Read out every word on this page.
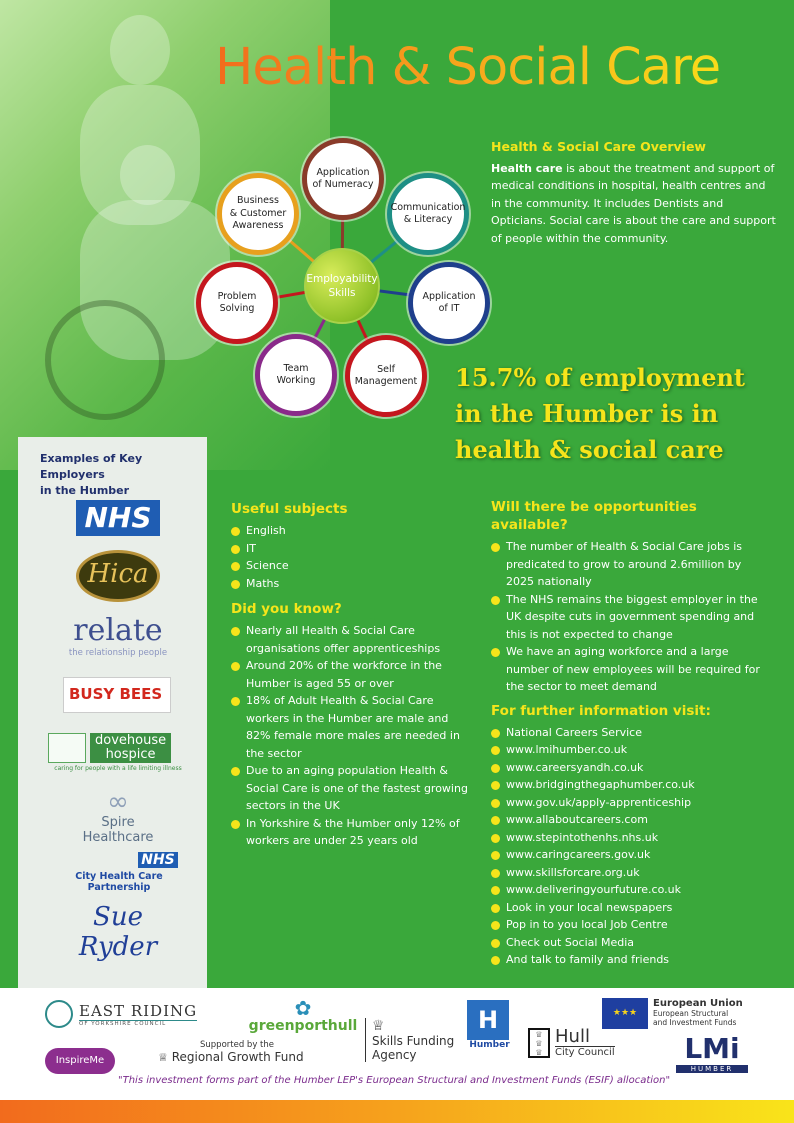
Health & Social Care
Application
of Numeracy
Communication
& Literacy
Application
of IT
Self
Management
Team
Working
Problem
Solving
Business
& Customer
Awareness
Employability
Skills
Health & Social Care Overview

Health care is about the treatment and support of medical conditions in hospital, health centres and in the community. It includes Dentists and Opticians. Social care is about the care and support of people within the community.

15.7% of employment
in the Humber is in
health & social care
Examples of Key Employers
in the Humber
NHS
Hica
relate
the relationship people
BUSY BEES
dovehouse
hospice
caring for people with a life limiting illness
∞
Spire Healthcare
NHS
City Health Care Partnership
Sue Ryder
Useful subjects
English
IT
Science
Maths
Did you know?
Nearly all Health & Social Care organisations offer apprenticeships
Around 20% of the workforce in the Humber is aged 55 or over
18% of Adult Health & Social Care workers in the Humber are male and 82% female more males are needed in the sector
Due to an aging population Health & Social Care is one of the fastest growing sectors in the UK
In Yorkshire & the Humber only 12% of workers are under 25 years old
Will there be opportunities available?
The number of Health & Social Care jobs is predicated to grow to around 2.6million by 2025 nationally
The NHS remains the biggest employer in the UK despite cuts in government spending and this is not expected to change
We have an aging workforce and a large number of new employees will be required for the sector to meet demand
For further information visit:
National Careers Service
www.lmihumber.co.uk
www.careersyandh.co.uk
www.bridgingthegaphumber.co.uk
www.gov.uk/apply-apprenticeship
www.allaboutcareers.com
www.stepintothenhs.nhs.uk
www.caringcareers.gov.uk
www.skillsforcare.org.uk
www.deliveringyourfuture.co.uk
Look in your local newspapers
Pop in to you local Job Centre
Check out Social Media
And talk to family and friends
EAST RIDING
OF YORKSHIRE COUNCIL
✿
greenporthull
Supported by the
♕ Regional Growth Fund
InspireMe
♕
Skills Funding
Agency
H
Humber
♕
♕
♕
Hull
City Council
★★★
European Union
European Structural
and Investment Funds
LMi
HUMBER
"This investment forms part of the Humber LEP's European Structural and Investment Funds (ESIF) allocation"
